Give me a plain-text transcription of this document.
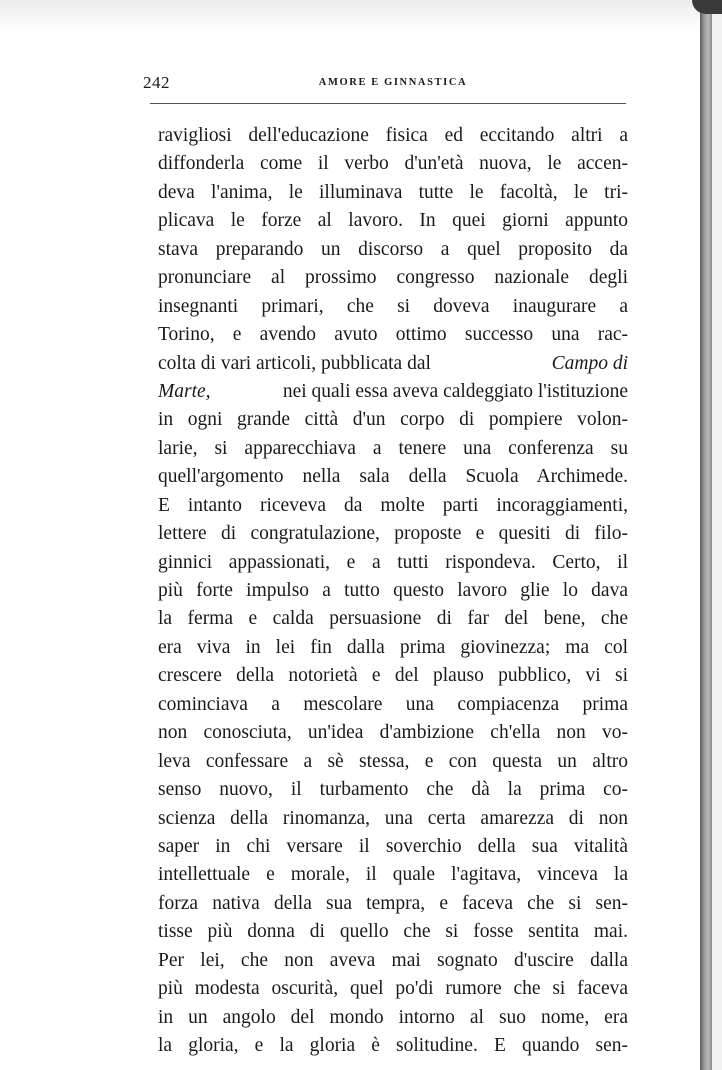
242	AMORE E GINNASTICA
ravigliosi dell'educazione fisica ed eccitando altri a
diffonderla come il verbo d'un'età nuova, le accen-
deva l'anima, le illuminava tutte le facoltà, le tri-
plicava le forze al lavoro. In quei giorni appunto
stava preparando un discorso a quel proposito da
pronunciare al prossimo congresso nazionale degli
insegnanti primari, che si doveva inaugurare a
Torino, e avendo avuto ottimo successo una rac-
colta di vari articoli, pubblicata dal	Campo di
Marte,	nei quali essa aveva caldeggiato l'istituzione
in ogni grande città d'un corpo di pompiere volon-
larie, si apparecchiava a tenere una conferenza su
quell'argomento nella sala della Scuola Archimede.
E intanto riceveva da molte parti incoraggiamenti,
lettere di congratulazione, proposte e quesiti di filo-
ginnici appassionati, e a tutti rispondeva. Certo, il
più forte impulso a tutto questo lavoro glie lo dava
la ferma e calda persuasione di far del bene, che
era viva in lei fin dalla prima giovinezza; ma col
crescere della notorietà e del plauso pubblico, vi si
cominciava a mescolare una compiacenza prima
non conosciuta, un'idea d'ambizione ch'ella non vo-
leva confessare a sè stessa, e con questa un altro
senso nuovo, il turbamento che dà la prima co-
scienza della rinomanza, una certa amarezza di non
saper in chi versare il soverchio della sua vitalità
intellettuale e morale, il quale l'agitava, vinceva la
forza nativa della sua tempra, e faceva che si sen-
tisse più donna di quello che si fosse sentita mai.
Per lei, che non aveva mai sognato d'uscire dalla
più modesta oscurità, quel po'di rumore che si faceva
in un angolo del mondo intorno al suo nome, era
la gloria, e la gloria è solitudine. E quando sen-
